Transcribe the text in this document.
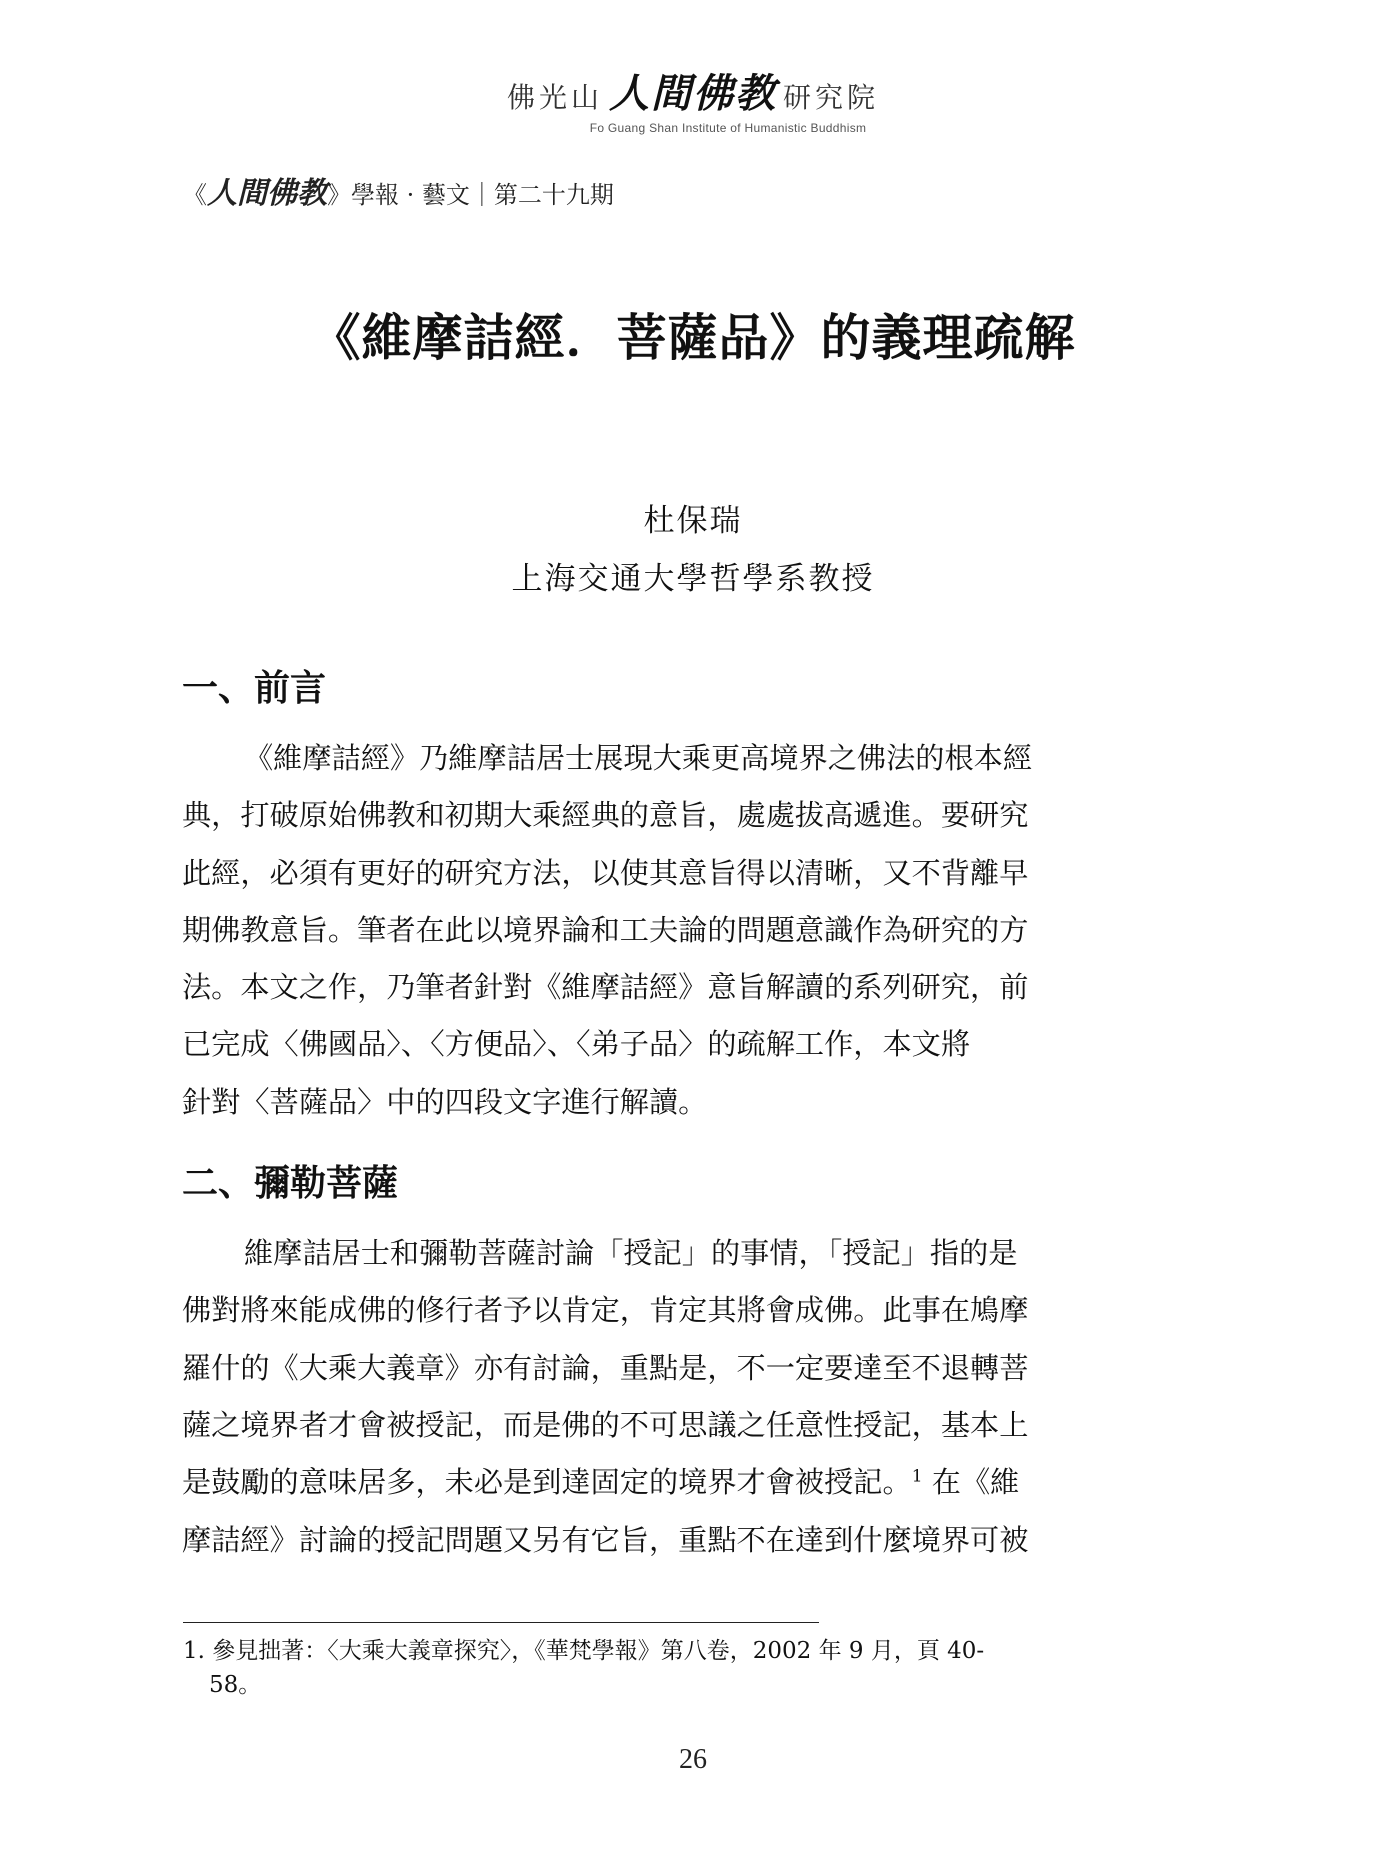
佛光山 人間佛教 研究院
Fo Guang Shan Institute of Humanistic Buddhism
《人間佛教》學報 · 藝文｜第二十九期
《維摩詰經．菩薩品》的義理疏解
杜保瑞
上海交通大學哲學系教授
一、前言

《維摩詰經》乃維摩詰居士展現大乘更高境界之佛法的根本經
典，打破原始佛教和初期大乘經典的意旨，處處拔高遞進。要研究
此經，必須有更好的研究方法，以使其意旨得以清晰，又不背離早
期佛教意旨。筆者在此以境界論和工夫論的問題意識作為研究的方
法。本文之作，乃筆者針對《維摩詰經》意旨解讀的系列研究，前
已完成〈佛國品〉、〈方便品〉、〈弟子品〉的疏解工作，本文將
針對〈菩薩品〉中的四段文字進行解讀。

二、彌勒菩薩

維摩詰居士和彌勒菩薩討論「授記」的事情，「授記」指的是
佛對將來能成佛的修行者予以肯定，肯定其將會成佛。此事在鳩摩
羅什的《大乘大義章》亦有討論，重點是，不一定要達至不退轉菩
薩之境界者才會被授記，而是佛的不可思議之任意性授記，基本上
是鼓勵的意味居多，未必是到達固定的境界才會被授記。$^1$ 在《維
摩詰經》討論的授記問題又另有它旨，重點不在達到什麼境界可被

1. 參見拙著：〈大乘大義章探究〉，《華梵學報》第八卷，2002 年 9 月，頁 40-
58。
26
